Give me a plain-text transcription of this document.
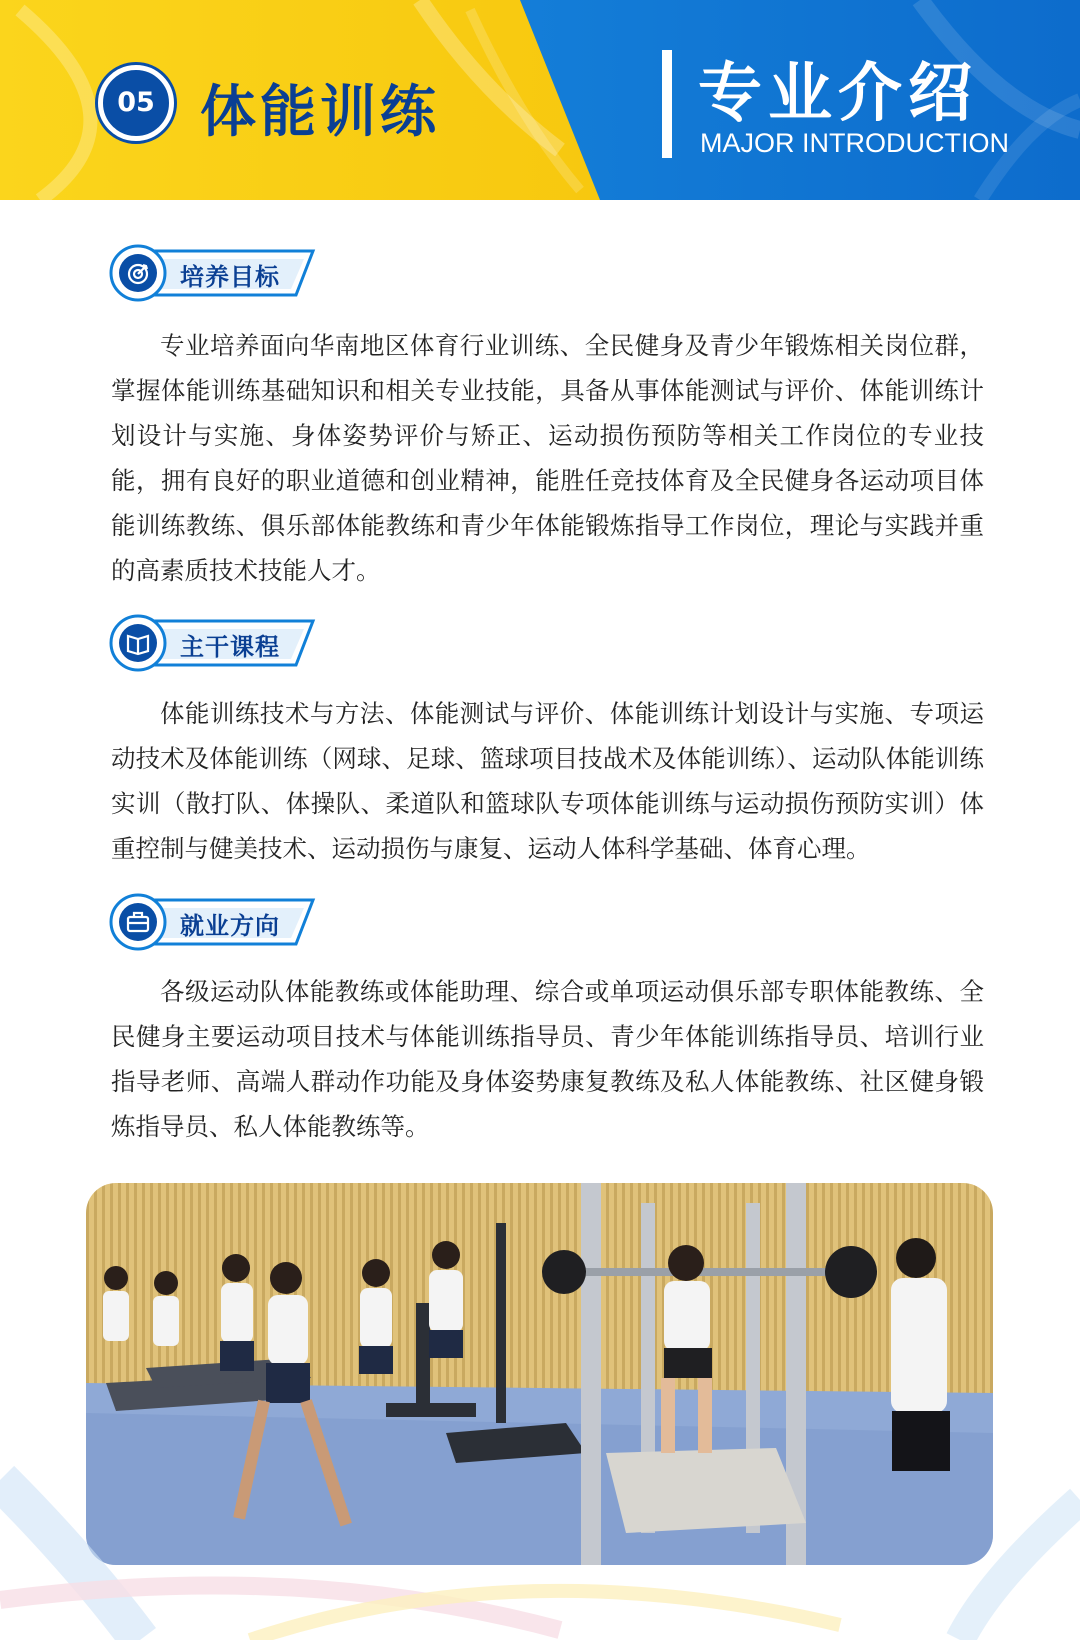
05 体能训练	专业介绍
MAJOR INTRODUCTION
培养目标

专业培养面向华南地区体育行业训练、全民健身及青少年锻炼相关岗位群，掌握体能训练基础知识和相关专业技能，具备从事体能测试与评价、体能训练计划设计与实施、身体姿势评价与矫正、运动损伤预防等相关工作岗位的专业技能，拥有良好的职业道德和创业精神，能胜任竞技体育及全民健身各运动项目体能训练教练、俱乐部体能教练和青少年体能锻炼指导工作岗位，理论与实践并重的高素质技术技能人才。

主干课程

体能训练技术与方法、体能测试与评价、体能训练计划设计与实施、专项运动技术及体能训练（网球、足球、篮球项目技战术及体能训练）、运动队体能训练实训（散打队、体操队、柔道队和篮球队专项体能训练与运动损伤预防实训）体重控制与健美技术、运动损伤与康复、运动人体科学基础、体育心理。

就业方向

各级运动队体能教练或体能助理、综合或单项运动俱乐部专职体能教练、全民健身主要运动项目技术与体能训练指导员、青少年体能训练指导员、培训行业指导老师、高端人群动作功能及身体姿势康复教练及私人体能教练、社区健身锻炼指导员、私人体能教练等。
